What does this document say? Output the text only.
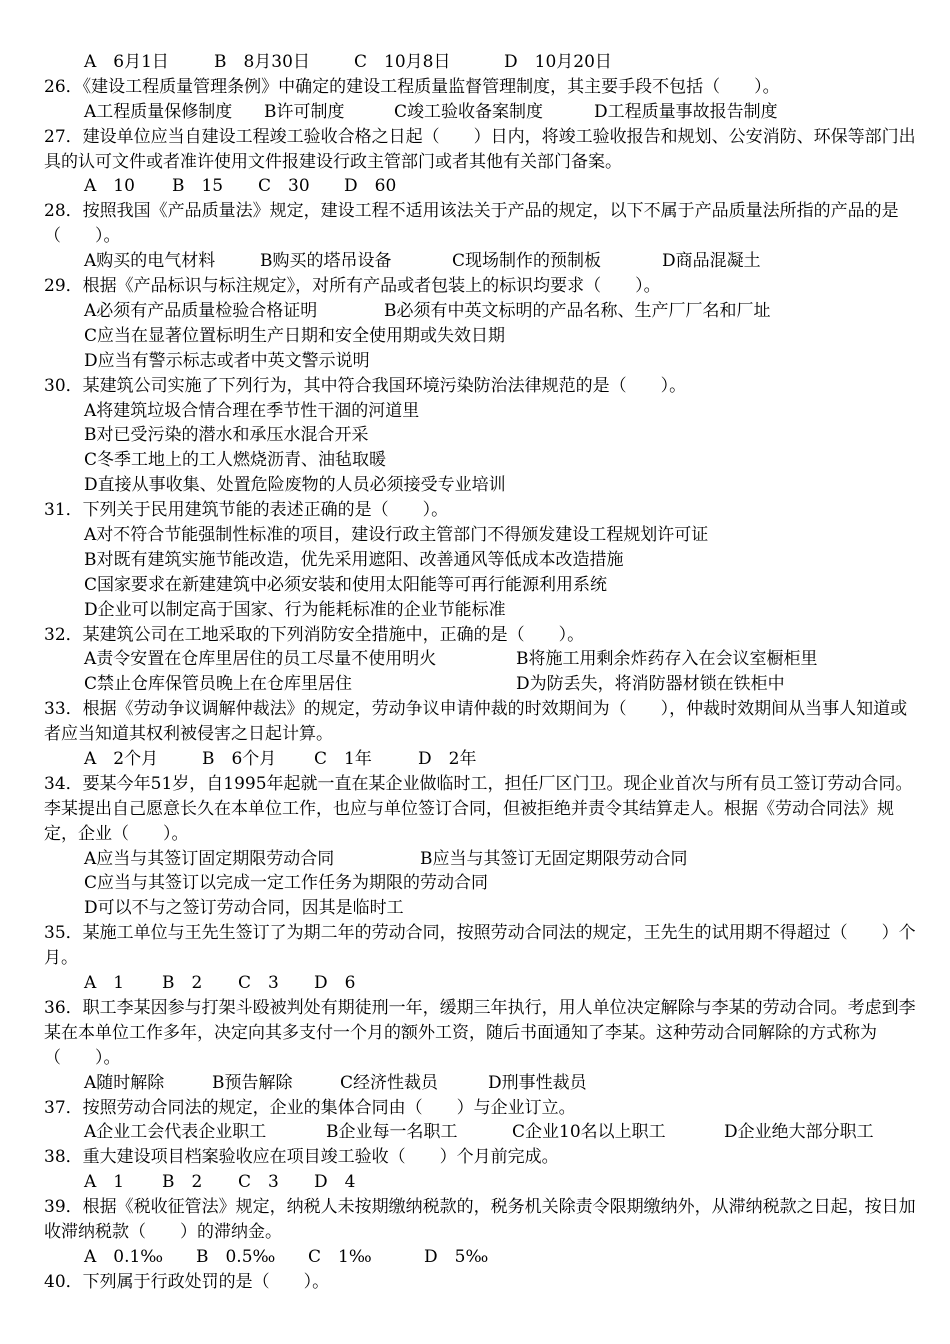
A　6月1日	B　8月30日	C　10月8日	D　10月20日
26．《建设工程质量管理条例》中确定的建设工程质量监督管理制度，其主要手段不包括（　　）。
A工程质量保修制度 B许可制度	C竣工验收备案制度	D工程质量事故报告制度
27．建设单位应当自建设工程竣工验收合格之日起（　　）日内，将竣工验收报告和规划、公安消防、环保等部门出具的认可文件或者准许使用文件报建设行政主管部门或者其他有关部门备案。
A　10 B　15 C　30 D　60
28．按照我国《产品质量法》规定，建设工程不适用该法关于产品的规定，以下不属于产品质量法所指的产品的是（　　）。
A购买的电气材料	B购买的塔吊设备	C现场制作的预制板	D商品混凝土
29．根据《产品标识与标注规定》，对所有产品或者包装上的标识均要求（　　）。
A必须有产品质量检验合格证明	B必须有中英文标明的产品名称、生产厂厂名和厂址
C应当在显著位置标明生产日期和安全使用期或失效日期
D应当有警示标志或者中英文警示说明
30．某建筑公司实施了下列行为，其中符合我国环境污染防治法律规范的是（　　）。
A将建筑垃圾合情合理在季节性干涸的河道里
B对已受污染的潜水和承压水混合开采
C冬季工地上的工人燃烧沥青、油毡取暖
D直接从事收集、处置危险废物的人员必须接受专业培训
31．下列关于民用建筑节能的表述正确的是（　　）。
A对不符合节能强制性标准的项目，建设行政主管部门不得颁发建设工程规划许可证
B对既有建筑实施节能改造，优先采用遮阳、改善通风等低成本改造措施
C国家要求在新建建筑中必须安装和使用太阳能等可再行能源利用系统
D企业可以制定高于国家、行为能耗标准的企业节能标准
32．某建筑公司在工地采取的下列消防安全措施中，正确的是（　　）。
A责令安置在仓库里居住的员工尽量不使用明火	B将施工用剩余炸药存入在会议室橱柜里
C禁止仓库保管员晚上在仓库里居住	D为防丢失，将消防器材锁在铁柜中
33．根据《劳动争议调解仲裁法》的规定，劳动争议申请仲裁的时效期间为（　　），仲裁时效期间从当事人知道或者应当知道其权利被侵害之日起计算。
A　2个月	B　6个月 C　1年	D　2年
34．要某今年51岁，自1995年起就一直在某企业做临时工，担任厂区门卫。现企业首次与所有员工签订劳动合同。李某提出自己愿意长久在本单位工作，也应与单位签订合同，但被拒绝并责令其结算走人。根据《劳动合同法》规定，企业（　　）。
A应当与其签订固定期限劳动合同	B应当与其签订无固定期限劳动合同
C应当与其签订以完成一定工作任务为期限的劳动合同
D可以不与之签订劳动合同，因其是临时工
35．某施工单位与王先生签订了为期二年的劳动合同，按照劳动合同法的规定，王先生的试用期不得超过（　　）个月。
A　1 B　2 C　3 D　6
36．职工李某因参与打架斗殴被判处有期徒刑一年，缓期三年执行，用人单位决定解除与李某的劳动合同。考虑到李某在本单位工作多年，决定向其多支付一个月的额外工资，随后书面通知了李某。这种劳动合同解除的方式称为（　　）。
A随时解除	B预告解除	C经济性裁员	D刑事性裁员
37．按照劳动合同法的规定，企业的集体合同由（　　）与企业订立。
A企业工会代表企业职工	B企业每一名职工	C企业10名以上职工	D企业绝大部分职工
38．重大建设项目档案验收应在项目竣工验收（　　）个月前完成。
A　1 B　2 C　3 D　4
39．根据《税收征管法》规定，纳税人未按期缴纳税款的，税务机关除责令限期缴纳外，从滞纳税款之日起，按日加收滞纳税款（　　）的滞纳金。
A　0.1‰ B　0.5‰ C　1‰	D　5‰
40．下列属于行政处罚的是（　　）。
